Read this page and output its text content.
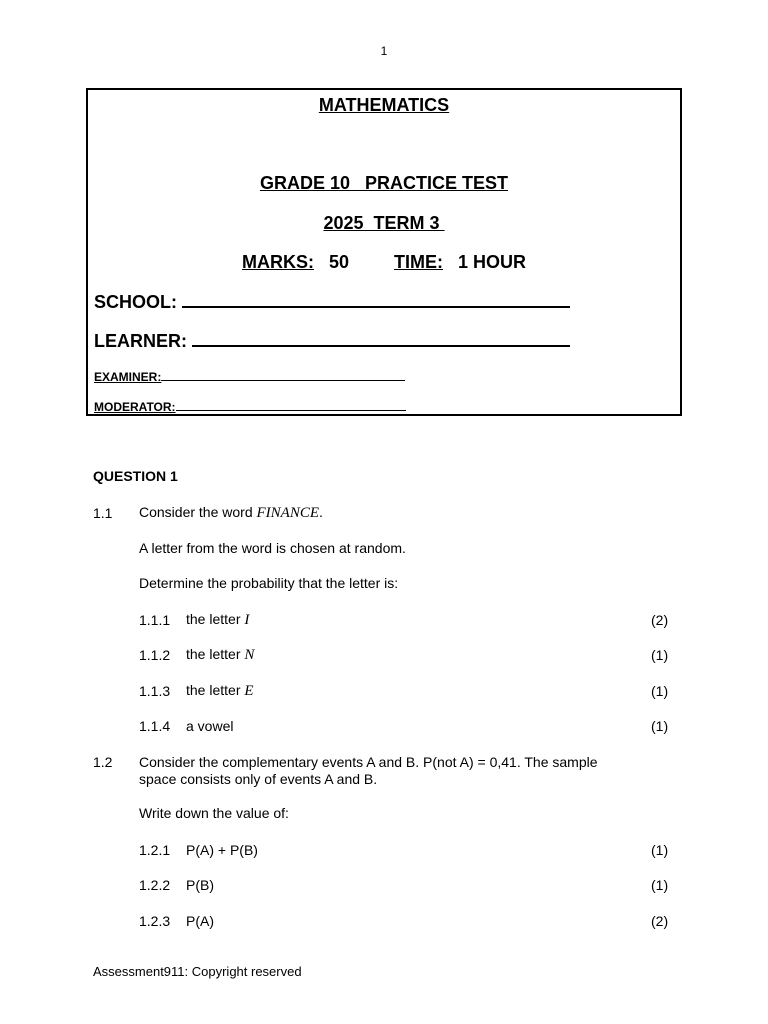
1
MATHEMATICS
GRADE 10 PRACTICE TEST
2025 TERM 3
MARKS: 50	TIME: 1 HOUR
SCHOOL:
LEARNER:
EXAMINER:
MODERATOR:
QUESTION 1
1.1 Consider the word FINANCE.
A letter from the word is chosen at random.
Determine the probability that the letter is:
1.1.1 the letter I	(2)
1.1.2 the letter N	(1)
1.1.3 the letter E	(1)
1.1.4 a vowel	(1)
1.2 Consider the complementary events A and B. P(not A) = 0,41. The sample space consists only of events A and B.
Write down the value of:
1.2.1 P(A) + P(B)	(1)
1.2.2 P(B)	(1)
1.2.3 P(A)	(2)
Assessment911: Copyright reserved
